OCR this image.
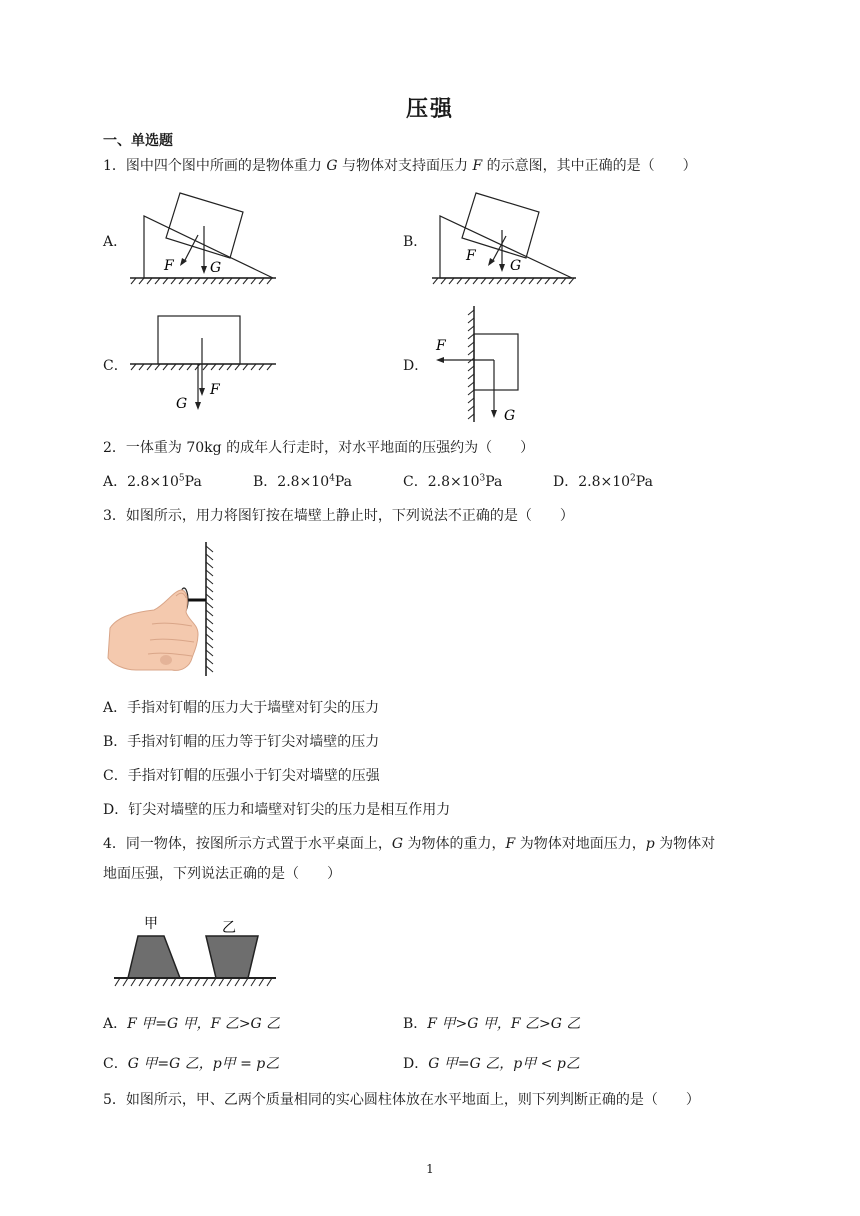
压强
一、单选题
1．图中四个图中所画的是物体重力 G 与物体对支持面压力 F 的示意图，其中正确的是（　　）
A．
F	G
B．
F
G
C．
F
G
D．
F
G
2．一体重为 70kg 的成年人行走时，对水平地面的压强约为（　　）
A．$2.8\times 10^5Pa$	B．$2.8\times 10^4Pa$	C．$2.8\times 10^3Pa$	D．$2.8\times 10^2Pa$
3．如图所示，用力将图钉按在墙壁上静止时，下列说法不正确的是（　　）
A．手指对钉帽的压力大于墙壁对钉尖的压力
B．手指对钉帽的压力等于钉尖对墙壁的压力
C．手指对钉帽的压强小于钉尖对墙壁的压强
D．钉尖对墙壁的压力和墙壁对钉尖的压力是相互作用力
4．同一物体，按图所示方式置于水平桌面上，G 为物体的重力，F 为物体对地面压力，p 为物体对
地面压强，下列说法正确的是（　　）
甲	乙
A．F 甲=G 甲，F 乙>G 乙	B．F 甲>G 甲，F 乙>G 乙
C．G 甲=G 乙，p甲 = p乙	D．G 甲=G 乙，p甲 < p乙
5．如图所示，甲、乙两个质量相同的实心圆柱体放在水平地面上，则下列判断正确的是（　　）
1
